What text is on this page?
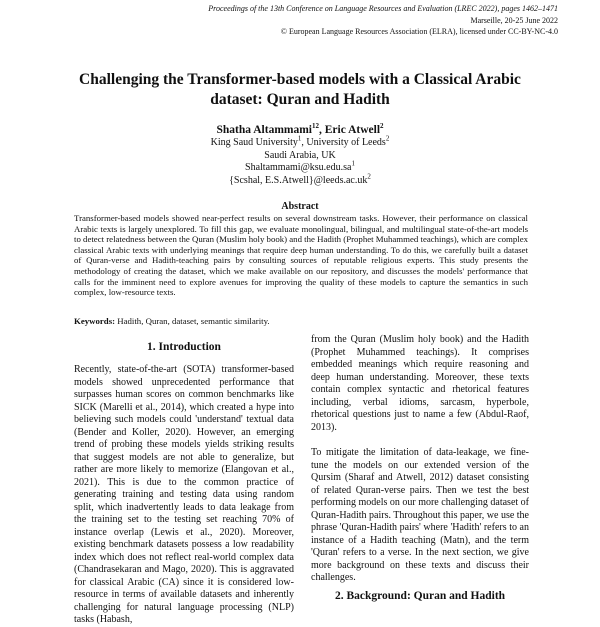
Proceedings of the 13th Conference on Language Resources and Evaluation (LREC 2022), pages 1462–1471
Marseille, 20-25 June 2022
© European Language Resources Association (ELRA), licensed under CC-BY-NC-4.0
Challenging the Transformer-based models with a Classical Arabic
dataset: Quran and Hadith
Shatha Altammami$^{12}$, Eric Atwell$^2$
King Saud University$^1$, University of Leeds$^2$
Saudi Arabia, UK
$Shaltammami@ksu.edu.sa^1$
{Scshal, $E.S.Atwell\}@leeds.ac.uk^2$
Abstract
Transformer-based models showed near-perfect results on several downstream tasks. However, their performance on classical Arabic texts is largely unexplored. To fill this gap, we evaluate monolingual, bilingual, and multilingual state-of-the-art models to detect relatedness between the Quran (Muslim holy book) and the Hadith (Prophet Muhammed teachings), which are complex classical Arabic texts with underlying meanings that require deep human understanding. To do this, we carefully built a dataset of Quran-verse and Hadith-teaching pairs by consulting sources of reputable religious experts. This study presents the methodology of creating the dataset, which we make available on our repository, and discusses the models' performance that calls for the imminent need to explore avenues for improving the quality of these models to capture the semantics in such complex, low-resource texts.
Keywords: Hadith, Quran, dataset, semantic similarity.
1. Introduction

Recently, state-of-the-art (SOTA) transformer-based models showed unprecedented performance that surpasses human scores on common benchmarks like SICK (Marelli et al., 2014), which created a hype into believing such models could 'understand' textual data (Bender and Koller, 2020). However, an emerging trend of probing these models yields striking results that suggest models are not able to generalize, but rather are more likely to memorize (Elangovan et al., 2021). This is due to the common practice of generating training and testing data using random split, which inadvertently leads to data leakage from the training set to the testing set reaching 70% of instance overlap (Lewis et al., 2020). Moreover, existing benchmark datasets possess a low readability index which does not reflect real-world complex data (Chandrasekaran and Mago, 2020). This is aggravated for classical Arabic (CA) since it is considered low-resource in terms of available datasets and inherently challenging for natural language processing (NLP) tasks (Habash,

from the Quran (Muslim holy book) and the Hadith (Prophet Muhammed teachings). It comprises embedded meanings which require reasoning and deep human understanding. Moreover, these texts contain complex syntactic and rhetorical features including, verbal idioms, sarcasm, hyperbole, rhetorical questions just to name a few (Abdul-Raof, 2013).

To mitigate the limitation of data-leakage, we fine-tune the models on our extended version of the Qursim (Sharaf and Atwell, 2012) dataset consisting of related Quran-verse pairs. Then we test the best performing models on our more challenging dataset of Quran-Hadith pairs. Throughout this paper, we use the phrase 'Quran-Hadith pairs' where 'Hadith' refers to an instance of a Hadith teaching (Matn), and the term 'Quran' refers to a verse. In the next section, we give more background on these texts and discuss their challenges.

2. Background: Quran and Hadith
